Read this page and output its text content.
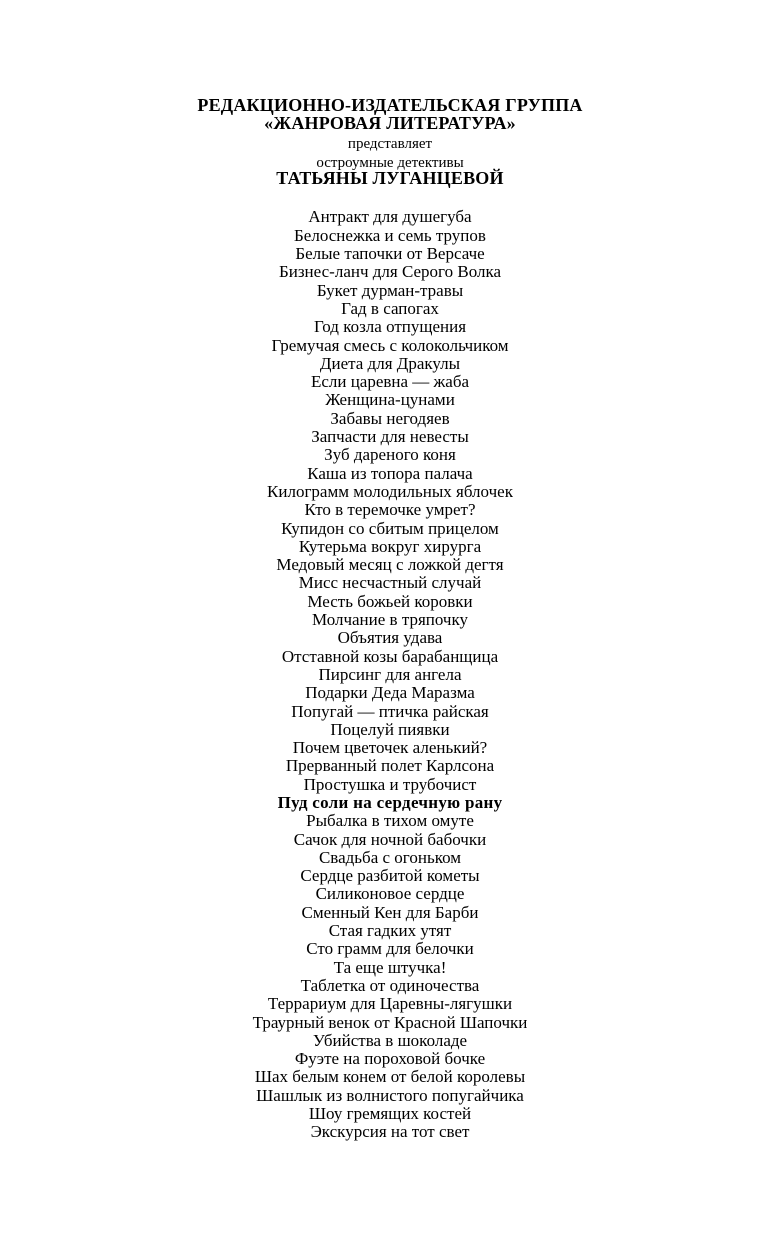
РЕДАКЦИОННО-ИЗДАТЕЛЬСКАЯ ГРУППА
«ЖАНРОВАЯ ЛИТЕРАТУРА»
представляет
остроумные детективы
ТАТЬЯНЫ ЛУГАНЦЕВОЙ
Антракт для душегуба
Белоснежка и семь трупов
Белые тапочки от Версаче
Бизнес-ланч для Серого Волка
Букет дурман-травы
Гад в сапогах
Год козла отпущения
Гремучая смесь с колокольчиком
Диета для Дракулы
Если царевна — жаба
Женщина-цунами
Забавы негодяев
Запчасти для невесты
Зуб дареного коня
Каша из топора палача
Килограмм молодильных яблочек
Кто в теремочке умрет?
Купидон со сбитым прицелом
Кутерьма вокруг хирурга
Медовый месяц с ложкой дегтя
Мисс несчастный случай
Месть божьей коровки
Молчание в тряпочку
Объятия удава
Отставной козы барабанщица
Пирсинг для ангела
Подарки Деда Маразма
Попугай — птичка райская
Поцелуй пиявки
Почем цветочек аленький?
Прерванный полет Карлсона
Простушка и трубочист
Пуд соли на сердечную рану
Рыбалка в тихом омуте
Сачок для ночной бабочки
Свадьба с огоньком
Сердце разбитой кометы
Силиконовое сердце
Сменный Кен для Барби
Стая гадких утят
Сто грамм для белочки
Та еще штучка!
Таблетка от одиночества
Террариум для Царевны-лягушки
Траурный венок от Красной Шапочки
Убийства в шоколаде
Фуэте на пороховой бочке
Шах белым конем от белой королевы
Шашлык из волнистого попугайчика
Шоу гремящих костей
Экскурсия на тот свет
